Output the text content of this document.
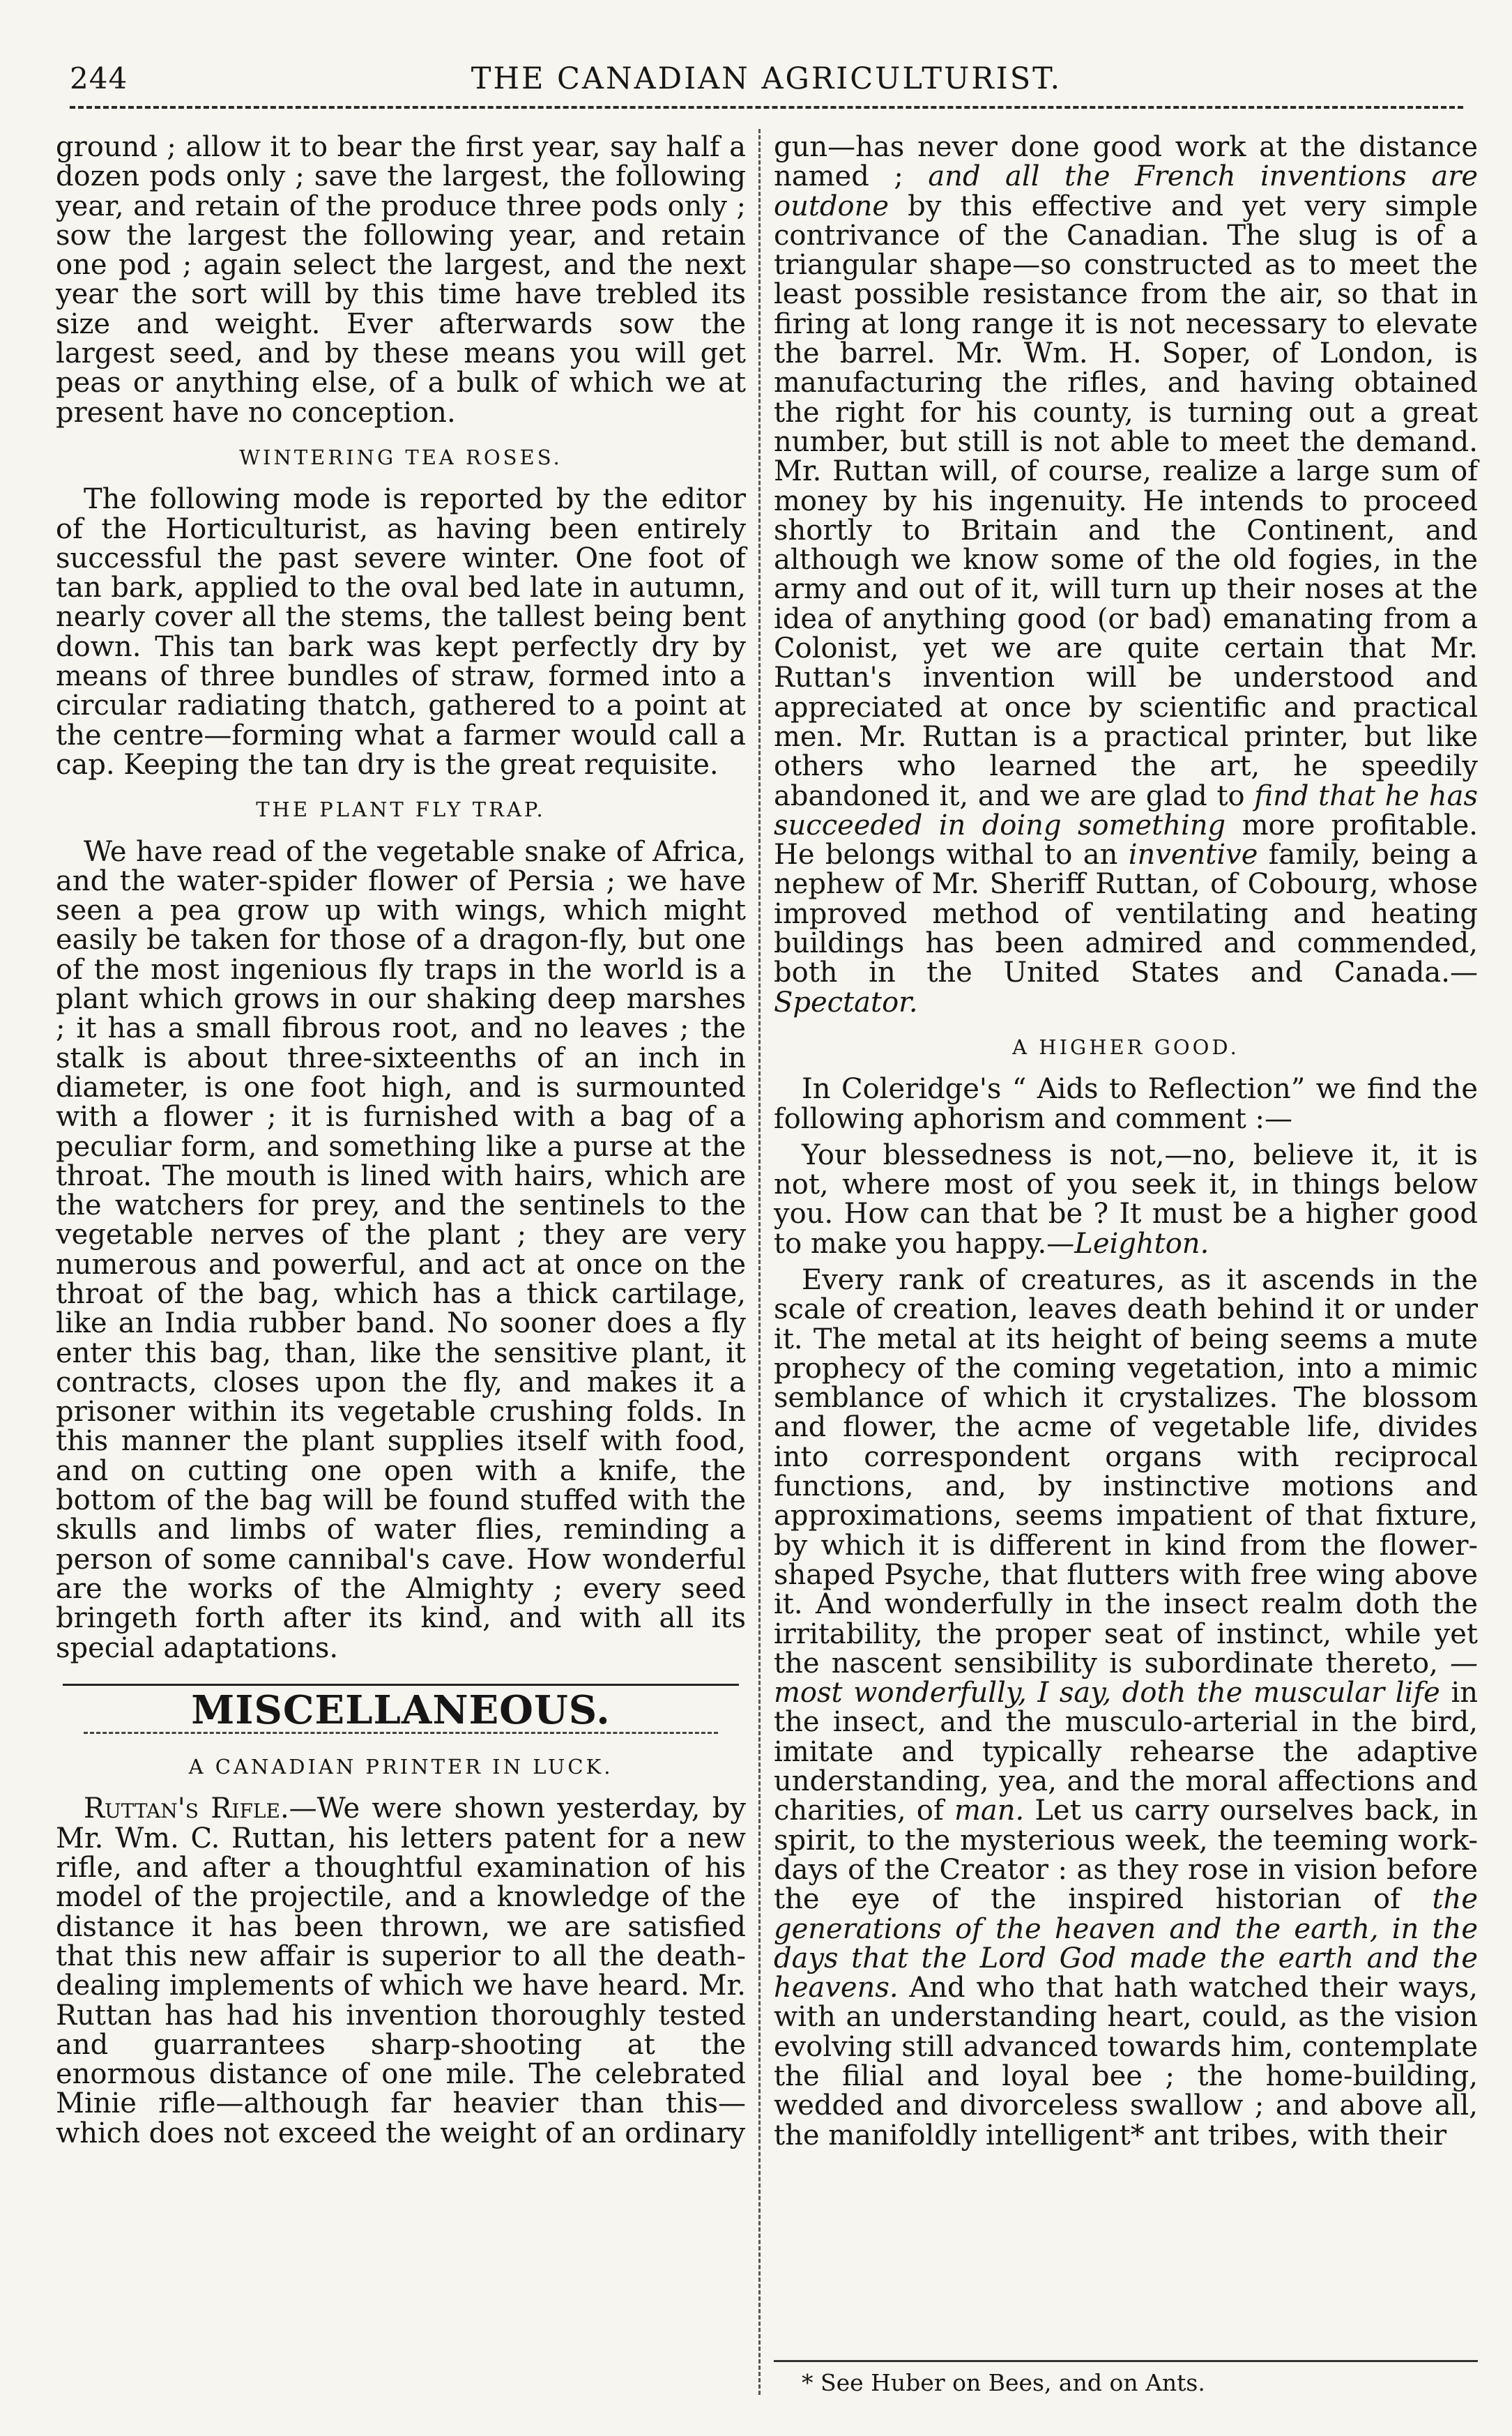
244	THE CANADIAN AGRICULTURIST.

ground ; allow it to bear the first year, say half a dozen pods only ; save the largest, the following year, and retain of the produce three pods only ; sow the largest the following year, and retain one pod ; again select the largest, and the next year the sort will by this time have trebled its size and weight. Ever afterwards sow the largest seed, and by these means you will get peas or anything else, of a bulk of which we at present have no conception.

WINTERING TEA ROSES.

The following mode is reported by the editor of the Horticulturist, as having been entirely successful the past severe winter. One foot of tan bark, applied to the oval bed late in autumn, nearly cover all the stems, the tallest being bent down. This tan bark was kept perfectly dry by means of three bundles of straw, formed into a circular radiating thatch, gathered to a point at the centre—forming what a farmer would call a cap. Keeping the tan dry is the great requisite.

THE PLANT FLY TRAP.

We have read of the vegetable snake of Africa, and the water-spider flower of Persia ; we have seen a pea grow up with wings, which might easily be taken for those of a dragon-fly, but one of the most ingenious fly traps in the world is a plant which grows in our shaking deep marshes ; it has a small fibrous root, and no leaves ; the stalk is about three-sixteenths of an inch in diameter, is one foot high, and is surmounted with a flower ; it is furnished with a bag of a peculiar form, and something like a purse at the throat. The mouth is lined with hairs, which are the watchers for prey, and the sentinels to the vegetable nerves of the plant ; they are very numerous and powerful, and act at once on the throat of the bag, which has a thick cartilage, like an India rubber band. No sooner does a fly enter this bag, than, like the sensitive plant, it contracts, closes upon the fly, and makes it a prisoner within its vegetable crushing folds. In this manner the plant supplies itself with food, and on cutting one open with a knife, the bottom of the bag will be found stuffed with the skulls and limbs of water flies, reminding a person of some cannibal's cave. How wonderful are the works of the Almighty ; every seed bringeth forth after its kind, and with all its special adaptations.

MISCELLANEOUS.
A CANADIAN PRINTER IN LUCK.

Ruttan's Rifle.—We were shown yesterday, by Mr. Wm. C. Ruttan, his letters patent for a new rifle, and after a thoughtful examination of his model of the projectile, and a knowledge of the distance it has been thrown, we are satisfied that this new affair is superior to all the death-dealing implements of which we have heard. Mr. Ruttan has had his invention thoroughly tested and guarrantees sharp-shooting at the enormous distance of one mile. The celebrated Minie rifle—although far heavier than this—which does not exceed the weight of an ordinary

gun—has never done good work at the distance named ; and all the French inventions are outdone by this effective and yet very simple contrivance of the Canadian. The slug is of a triangular shape—so constructed as to meet the least possible resistance from the air, so that in firing at long range it is not necessary to elevate the barrel. Mr. Wm. H. Soper, of London, is manufacturing the rifles, and having obtained the right for his county, is turning out a great number, but still is not able to meet the demand. Mr. Ruttan will, of course, realize a large sum of money by his ingenuity. He intends to proceed shortly to Britain and the Continent, and although we know some of the old fogies, in the army and out of it, will turn up their noses at the idea of anything good (or bad) emanating from a Colonist, yet we are quite certain that Mr. Ruttan's invention will be understood and appreciated at once by scientific and practical men. Mr. Ruttan is a practical printer, but like others who learned the art, he speedily abandoned it, and we are glad to find that he has succeeded in doing something more profitable. He belongs withal to an inventive family, being a nephew of Mr. Sheriff Ruttan, of Cobourg, whose improved method of ventilating and heating buildings has been admired and commended, both in the United States and Canada.—Spectator.

A HIGHER GOOD.

In Coleridge's “ Aids to Reflection” we find the following aphorism and comment :—

Your blessedness is not,—no, believe it, it is not, where most of you seek it, in things below you. How can that be ? It must be a higher good to make you happy.—Leighton.

Every rank of creatures, as it ascends in the scale of creation, leaves death behind it or under it. The metal at its height of being seems a mute prophecy of the coming vegetation, into a mimic semblance of which it crystalizes. The blossom and flower, the acme of vegetable life, divides into correspondent organs with reciprocal functions, and, by instinctive motions and approximations, seems impatient of that fixture, by which it is different in kind from the flower-shaped Psyche, that flutters with free wing above it. And wonderfully in the insect realm doth the irritability, the proper seat of instinct, while yet the nascent sensibility is subordinate thereto, —most wonderfully, I say, doth the muscular life in the insect, and the musculo-arterial in the bird, imitate and typically rehearse the adaptive understanding, yea, and the moral affections and charities, of man. Let us carry ourselves back, in spirit, to the mysterious week, the teeming work-days of the Creator : as they rose in vision before the eye of the inspired historian of the generations of the heaven and the earth, in the days that the Lord God made the earth and the heavens. And who that hath watched their ways, with an understanding heart, could, as the vision evolving still advanced towards him, contemplate the filial and loyal bee ; the home-building, wedded and divorceless swallow ; and above all, the manifoldly intelligent* ant tribes, with their

* See Huber on Bees, and on Ants.
